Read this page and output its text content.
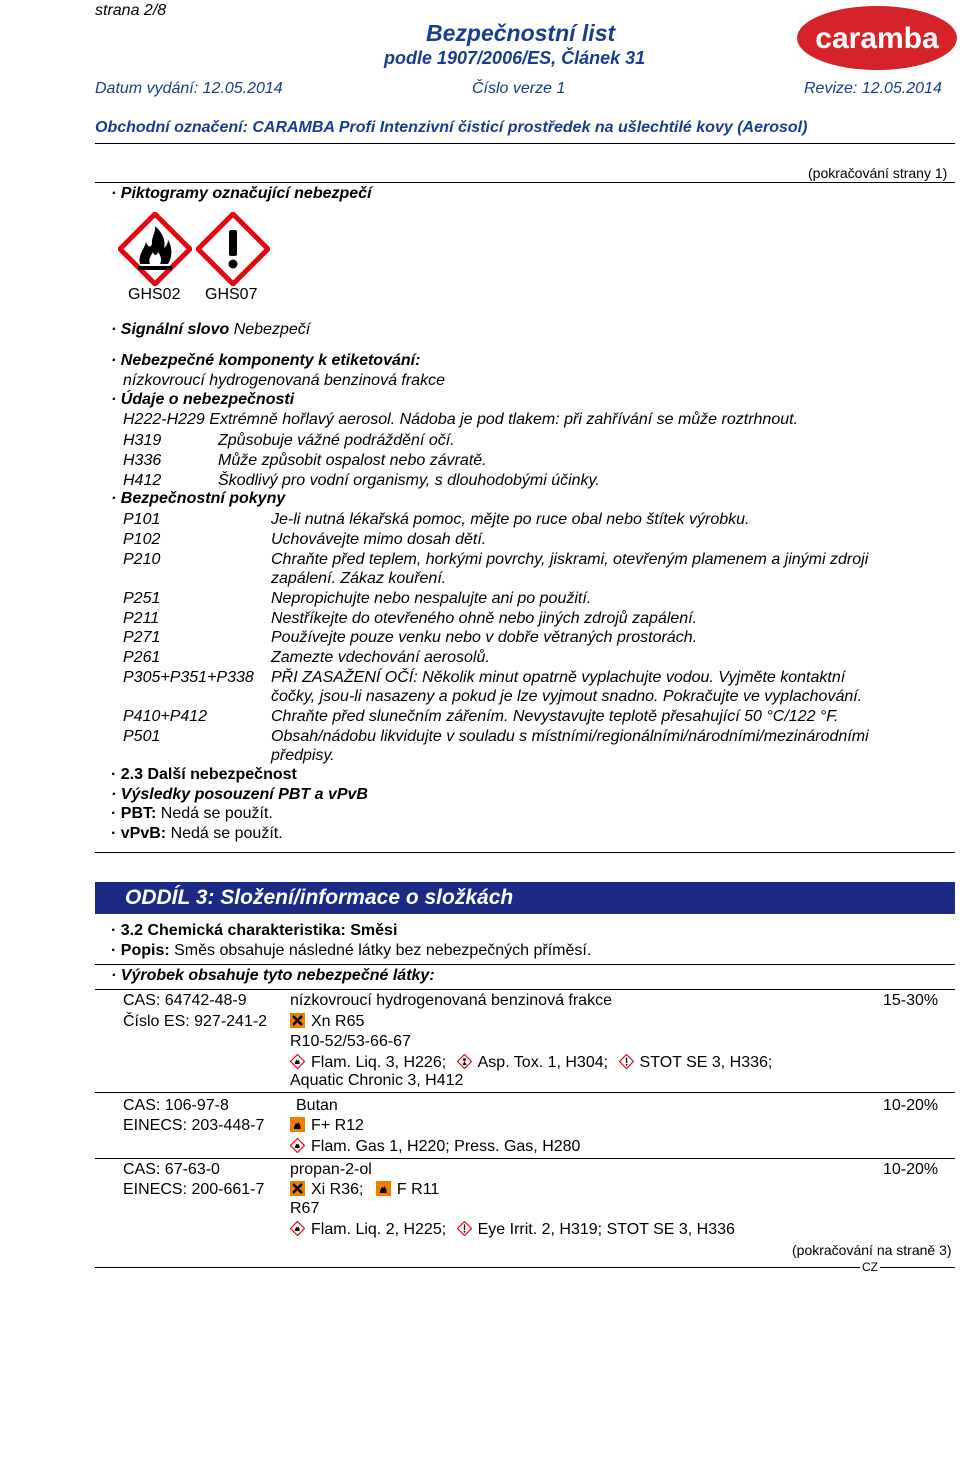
strana 2/8
Bezpečnostní list
podle 1907/2006/ES, Článek 31
caramba
Datum vydání: 12.05.2014	Číslo verze 1	Revize: 12.05.2014
Obchodní označení: CARAMBA Profi Intenzivní čisticí prostředek na ušlechtilé kovy (Aerosol)
(pokračování strany 1)
· Piktogramy označující nebezpečí
GHS02 GHS07
· Signální slovo Nebezpečí
· Nebezpečné komponenty k etiketování:
nízkovroucí hydrogenovaná benzinová frakce
· Údaje o nebezpečnosti
H222-H229 Extrémně hořlavý aerosol. Nádoba je pod tlakem: při zahřívání se může roztrhnout.
H319	Způsobuje vážné podráždění očí.
H336	Může způsobit ospalost nebo závratě.
H412	Škodlivý pro vodní organismy, s dlouhodobými účinky.
· Bezpečnostní pokyny
P101	Je-li nutná lékařská pomoc, mějte po ruce obal nebo štítek výrobku.
P102	Uchovávejte mimo dosah dětí.
P210	Chraňte před teplem, horkými povrchy, jiskrami, otevřeným plamenem a jinými zdroji
zapálení. Zákaz kouření.
P251	Nepropichujte nebo nespalujte ani po použití.
P211	Nestříkejte do otevřeného ohně nebo jiných zdrojů zapálení.
P271	Používejte pouze venku nebo v dobře větraných prostorách.
P261	Zamezte vdechování aerosolů.
P305+P351+P338 PŘI ZASAŽENÍ OČÍ: Několik minut opatrně vyplachujte vodou. Vyjměte kontaktní
čočky, jsou-li nasazeny a pokud je lze vyjmout snadno. Pokračujte ve vyplachování.
P410+P412	Chraňte před slunečním zářením. Nevystavujte teplotě přesahující 50 °C/122 °F.
P501	Obsah/nádobu likvidujte v souladu s místními/regionálními/národními/mezinárodními
předpisy.
· 2.3 Další nebezpečnost
· Výsledky posouzení PBT a vPvB
· PBT: Nedá se použít.
· vPvB: Nedá se použít.
ODDÍL 3: Složení/informace o složkách
· 3.2 Chemická charakteristika: Směsi
· Popis: Směs obsahuje následné látky bez nebezpečných příměsí.
· Výrobek obsahuje tyto nebezpečné látky:
CAS: 64742-48-9
Číslo ES: 927-241-2
nízkovroucí hydrogenovaná benzinová frakce	15-30%
Xn R65
R10-52/53-66-67
Flam. Liq. 3, H226; Asp. Tox. 1, H304; STOT SE 3, H336;
Aquatic Chronic 3, H412
CAS: 106-97-8
EINECS: 203-448-7
Butan	10-20%
F+ R12
Flam. Gas 1, H220; Press. Gas, H280
CAS: 67-63-0
EINECS: 200-661-7
propan-2-ol	10-20%
Xi R36; F R11
R67
Flam. Liq. 2, H225; Eye Irrit. 2, H319; STOT SE 3, H336
(pokračování na straně 3)
CZ
